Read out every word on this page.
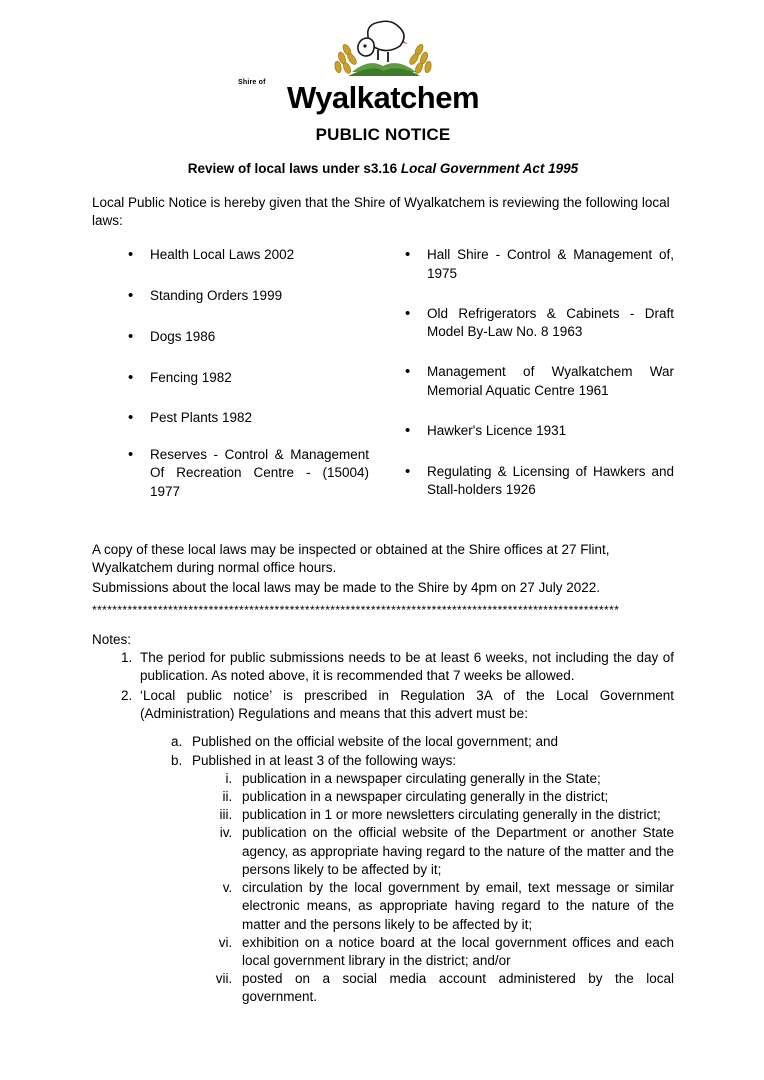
Shire of Wyalkatchem
PUBLIC NOTICE
Review of local laws under s3.16 Local Government Act 1995
Local Public Notice is hereby given that the Shire of Wyalkatchem is reviewing the following local laws:
•	Health Local Laws 2002
•	Standing Orders 1999
•	Dogs 1986
•	Fencing 1982
•	Pest Plants 1982
•	Reserves - Control & Management Of Recreation Centre - (15004) 1977
•	Hall Shire - Control & Management of, 1975
•	Old Refrigerators & Cabinets - Draft Model By-Law No. 8 1963
•	Management of Wyalkatchem War Memorial Aquatic Centre 1961
•	Hawker's Licence 1931
•	Regulating & Licensing of Hawkers and Stall-holders 1926
A copy of these local laws may be inspected or obtained at the Shire offices at 27 Flint, Wyalkatchem during normal office hours.
Submissions about the local laws may be made to the Shire by 4pm on 27 July 2022.
********************************************************************************************************
Notes:
1. The period for public submissions needs to be at least 6 weeks, not including the day of publication. As noted above, it is recommended that 7 weeks be allowed.
2. ‘Local public notice’ is prescribed in Regulation 3A of the Local Government (Administration) Regulations and means that this advert must be:
a. Published on the official website of the local government; and
b. Published in at least 3 of the following ways:
i. publication in a newspaper circulating generally in the State;
ii. publication in a newspaper circulating generally in the district;
iii. publication in 1 or more newsletters circulating generally in the district;
iv. publication on the official website of the Department or another State agency, as appropriate having regard to the nature of the matter and the persons likely to be affected by it;
v. circulation by the local government by email, text message or similar electronic means, as appropriate having regard to the nature of the matter and the persons likely to be affected by it;
vi. exhibition on a notice board at the local government offices and each local government library in the district; and/or
vii. posted on a social media account administered by the local government.
